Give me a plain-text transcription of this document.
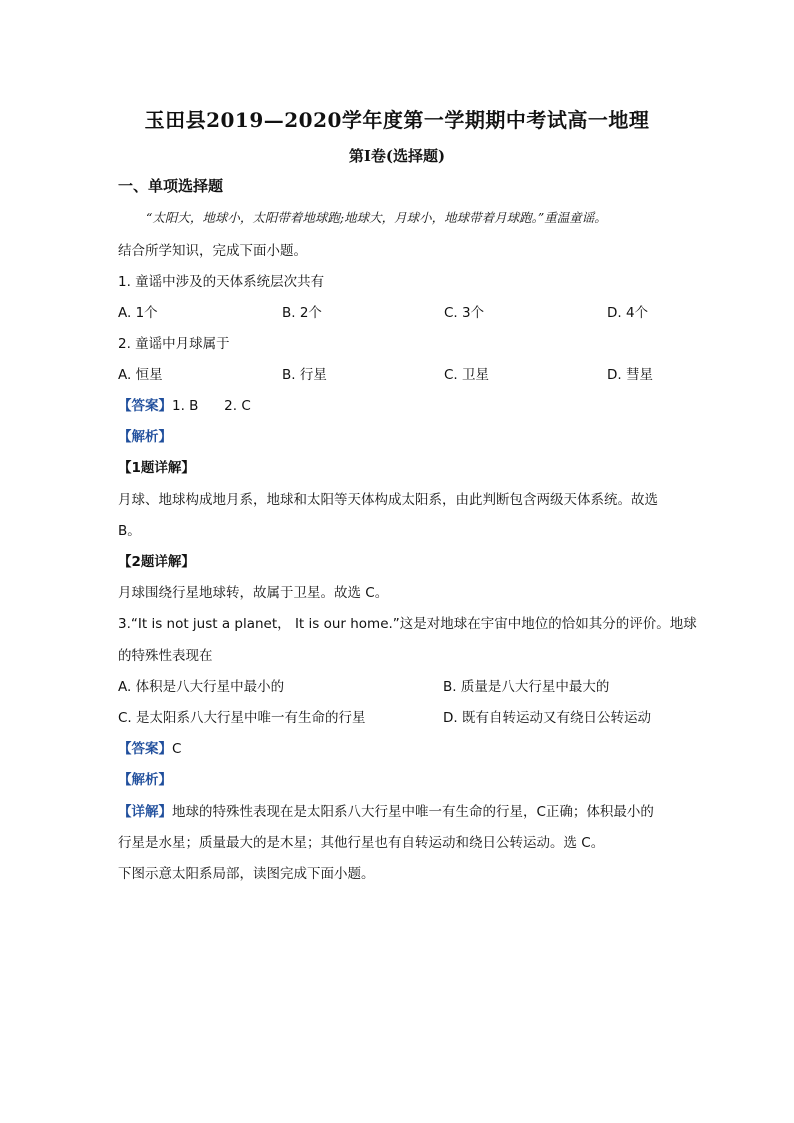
玉田县2019—2020学年度第一学期期中考试高一地理
第I卷(选择题)
一、单项选择题
“太阳大，地球小，太阳带着地球跑;地球大，月球小，地球带着月球跑。”重温童谣。
结合所学知识，完成下面小题。
1. 童谣中涉及的天体系统层次共有
A. 1个	B. 2个	C. 3个	D. 4个
2. 童谣中月球属于
A. 恒星	B. 行星	C. 卫星	D. 彗星
【答案】1. B      2. C
【解析】
【1题详解】
月球、地球构成地月系，地球和太阳等天体构成太阳系，由此判断包含两级天体系统。故选
B。
【2题详解】
月球围绕行星地球转，故属于卫星。故选 C。
3.“It is not just a planet， It is our home.”这是对地球在宇宙中地位的恰如其分的评价。地球
的特殊性表现在
A. 体积是八大行星中最小的	B. 质量是八大行星中最大的
C. 是太阳系八大行星中唯一有生命的行星	D. 既有自转运动又有绕日公转运动
【答案】C
【解析】
【详解】地球的特殊性表现在是太阳系八大行星中唯一有生命的行星，C正确；体积最小的
行星是水星；质量最大的是木星；其他行星也有自转运动和绕日公转运动。选 C。
下图示意太阳系局部，读图完成下面小题。
